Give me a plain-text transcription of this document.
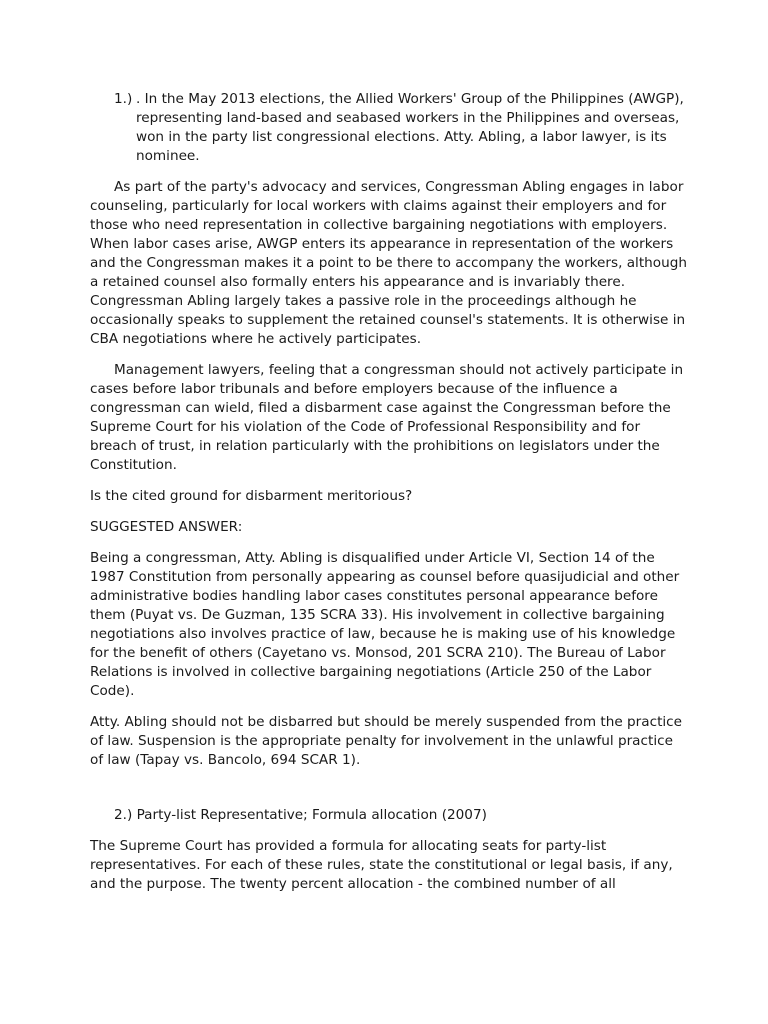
1.) . In the May 2013 elections, the Allied Workers' Group of the Philippines (AWGP), representing land-based and seabased workers in the Philippines and overseas, won in the party list congressional elections. Atty. Abling, a labor lawyer, is its nominee.

As part of the party's advocacy and services, Congressman Abling engages in labor counseling, particularly for local workers with claims against their employers and for those who need representation in collective bargaining negotiations with employers. When labor cases arise, AWGP enters its appearance in representation of the workers and the Congressman makes it a point to be there to accompany the workers, although a retained counsel also formally enters his appearance and is invariably there. Congressman Abling largely takes a passive role in the proceedings although he occasionally speaks to supplement the retained counsel's statements. It is otherwise in CBA negotiations where he actively participates.

Management lawyers, feeling that a congressman should not actively participate in cases before labor tribunals and before employers because of the influence a congressman can wield, filed a disbarment case against the Congressman before the Supreme Court for his violation of the Code of Professional Responsibility and for breach of trust, in relation particularly with the prohibitions on legislators under the Constitution.

Is the cited ground for disbarment meritorious?

SUGGESTED ANSWER:

Being a congressman, Atty. Abling is disqualified under Article VI, Section 14 of the 1987 Constitution from personally appearing as counsel before quasijudicial and other administrative bodies handling labor cases constitutes personal appearance before them (Puyat vs. De Guzman, 135 SCRA 33). His involvement in collective bargaining negotiations also involves practice of law, because he is making use of his knowledge for the benefit of others (Cayetano vs. Monsod, 201 SCRA 210). The Bureau of Labor Relations is involved in collective bargaining negotiations (Article 250 of the Labor Code).

Atty. Abling should not be disbarred but should be merely suspended from the practice of law. Suspension is the appropriate penalty for involvement in the unlawful practice of law (Tapay vs. Bancolo, 694 SCAR 1).

2.) Party-list Representative; Formula allocation (2007)

The Supreme Court has provided a formula for allocating seats for party-list representatives. For each of these rules, state the constitutional or legal basis, if any, and the purpose. The twenty percent allocation - the combined number of all
